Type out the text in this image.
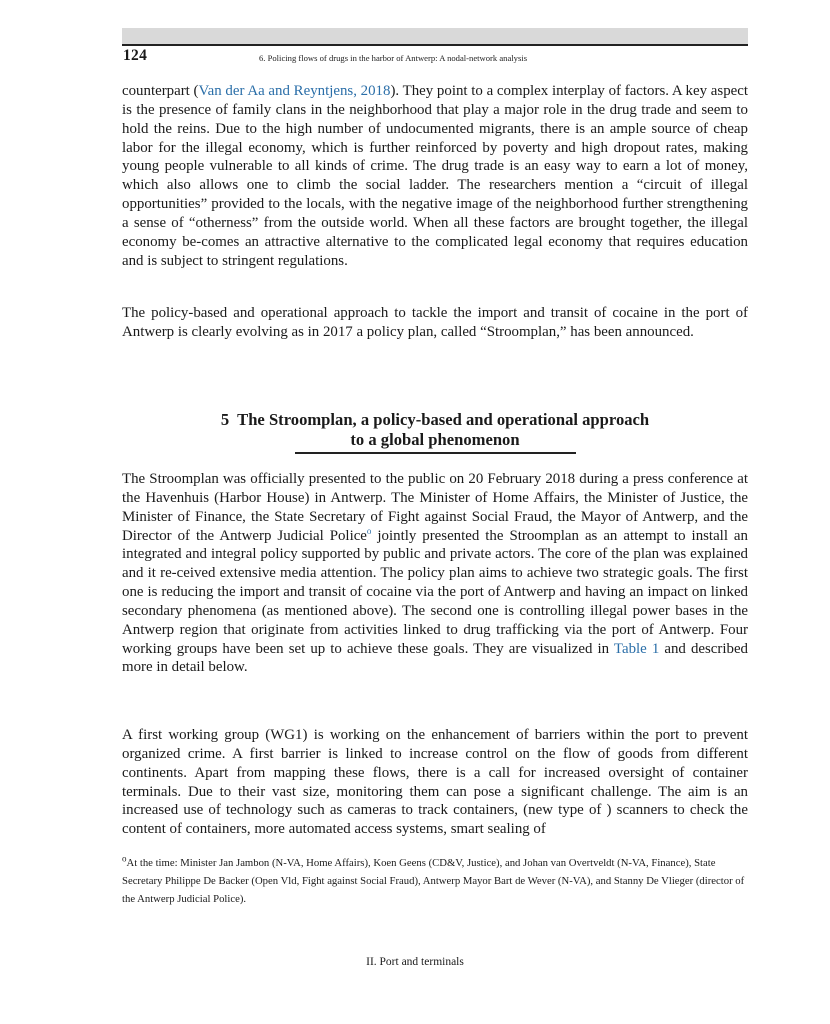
124	6. Policing flows of drugs in the harbor of Antwerp: A nodal-network analysis

counterpart (Van der Aa and Reyntjens, 2018). They point to a complex interplay of factors. A key aspect is the presence of family clans in the neighborhood that play a major role in the drug trade and seem to hold the reins. Due to the high number of undocumented migrants, there is an ample source of cheap labor for the illegal economy, which is further reinforced by poverty and high dropout rates, making young people vulnerable to all kinds of crime. The drug trade is an easy way to earn a lot of money, which also allows one to climb the social ladder. The researchers mention a “circuit of illegal opportunities” provided to the locals, with the negative image of the neighborhood further strengthening a sense of “otherness” from the outside world. When all these factors are brought together, the illegal economy be-comes an attractive alternative to the complicated legal economy that requires education and is subject to stringent regulations.

The policy-based and operational approach to tackle the import and transit of cocaine in the port of Antwerp is clearly evolving as in 2017 a policy plan, called “Stroomplan,” has been announced.

5 The Stroomplan, a policy-based and operational approach
to a global phenomenon

The Stroomplan was officially presented to the public on 20 February 2018 during a press conference at the Havenhuis (Harbor House) in Antwerp. The Minister of Home Affairs, the Minister of Justice, the Minister of Finance, the State Secretary of Fight against Social Fraud, the Mayor of Antwerp, and the Director of the Antwerp Judicial Police$^o$ jointly presented the Stroomplan as an attempt to install an integrated and integral policy supported by public and private actors. The core of the plan was explained and it re-ceived extensive media attention. The policy plan aims to achieve two strategic goals. The first one is reducing the import and transit of cocaine via the port of Antwerp and having an impact on linked secondary phenomena (as mentioned above). The second one is controlling illegal power bases in the Antwerp region that originate from activities linked to drug trafficking via the port of Antwerp. Four working groups have been set up to achieve these goals. They are visualized in Table 1 and described more in detail below.

A first working group (WG1) is working on the enhancement of barriers within the port to prevent organized crime. A first barrier is linked to increase control on the flow of goods from different continents. Apart from mapping these flows, there is a call for increased oversight of container terminals. Due to their vast size, monitoring them can pose a significant challenge. The aim is an increased use of technology such as cameras to track containers, (new type of ) scanners to check the content of containers, more automated access systems, smart sealing of

$^o$At the time: Minister Jan Jambon (N-VA, Home Affairs), Koen Geens (CD&V, Justice), and Johan van Overtveldt (N-VA, Finance), State Secretary Philippe De Backer (Open Vld, Fight against Social Fraud), Antwerp Mayor Bart de Wever (N-VA), and Stanny De Vlieger (director of the Antwerp Judicial Police).

II. Port and terminals
